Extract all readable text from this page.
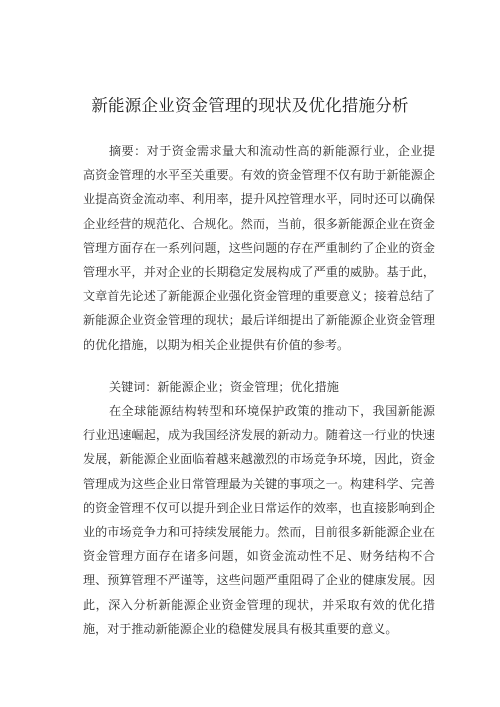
新能源企业资金管理的现状及优化措施分析

摘要：对于资金需求量大和流动性高的新能源行业，企业提高资金管理的水平至关重要。有效的资金管理不仅有助于新能源企业提高资金流动率、利用率，提升风控管理水平，同时还可以确保企业经营的规范化、合规化。然而，当前，很多新能源企业在资金管理方面存在一系列问题，这些问题的存在严重制约了企业的资金管理水平，并对企业的长期稳定发展构成了严重的威胁。基于此，文章首先论述了新能源企业强化资金管理的重要意义；接着总结了新能源企业资金管理的现状；最后详细提出了新能源企业资金管理的优化措施，以期为相关企业提供有价值的参考。

关键词：新能源企业；资金管理；优化措施

在全球能源结构转型和环境保护政策的推动下，我国新能源行业迅速崛起，成为我国经济发展的新动力。随着这一行业的快速发展，新能源企业面临着越来越激烈的市场竞争环境，因此，资金管理成为这些企业日常管理最为关键的事项之一。构建科学、完善的资金管理不仅可以提升到企业日常运作的效率，也直接影响到企业的市场竞争力和可持续发展能力。然而，目前很多新能源企业在资金管理方面存在诸多问题，如资金流动性不足、财务结构不合理、预算管理不严谨等，这些问题严重阻碍了企业的健康发展。因此，深入分析新能源企业资金管理的现状，并采取有效的优化措施，对于推动新能源企业的稳健发展具有极其重要的意义。
